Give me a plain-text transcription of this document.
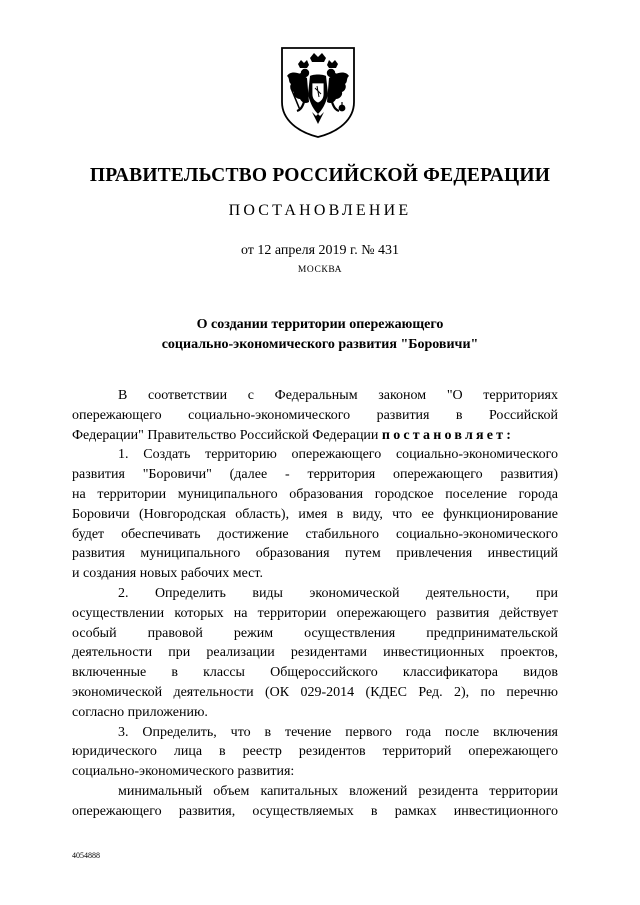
ПРАВИТЕЛЬСТВО РОССИЙСКОЙ ФЕДЕРАЦИИ
ПОСТАНОВЛЕНИЕ
от 12 апреля 2019 г. № 431
МОСКВА
О создании территории опережающего
социально-экономического развития "Боровичи"
В соответствии с Федеральным законом "О территориях
опережающего социально-экономического развития в Российской
Федерации" Правительство Российской Федерации постановляет:
1. Создать территорию опережающего социально-экономического
развития "Боровичи" (далее - территория опережающего развития)
на территории муниципального образования городское поселение города
Боровичи (Новгородская область), имея в виду, что ее функционирование
будет обеспечивать достижение стабильного социально-экономического
развития муниципального образования путем привлечения инвестиций
и создания новых рабочих мест.
2. Определить виды экономической деятельности, при
осуществлении которых на территории опережающего развития действует
особый правовой режим осуществления предпринимательской
деятельности при реализации резидентами инвестиционных проектов,
включенные в классы Общероссийского классификатора видов
экономической деятельности (ОК 029-2014 (КДЕС Ред. 2), по перечню
согласно приложению.
3. Определить, что в течение первого года после включения
юридического лица в реестр резидентов территорий опережающего
социально-экономического развития:
минимальный объем капитальных вложений резидента территории
опережающего развития, осуществляемых в рамках инвестиционного
4054888
